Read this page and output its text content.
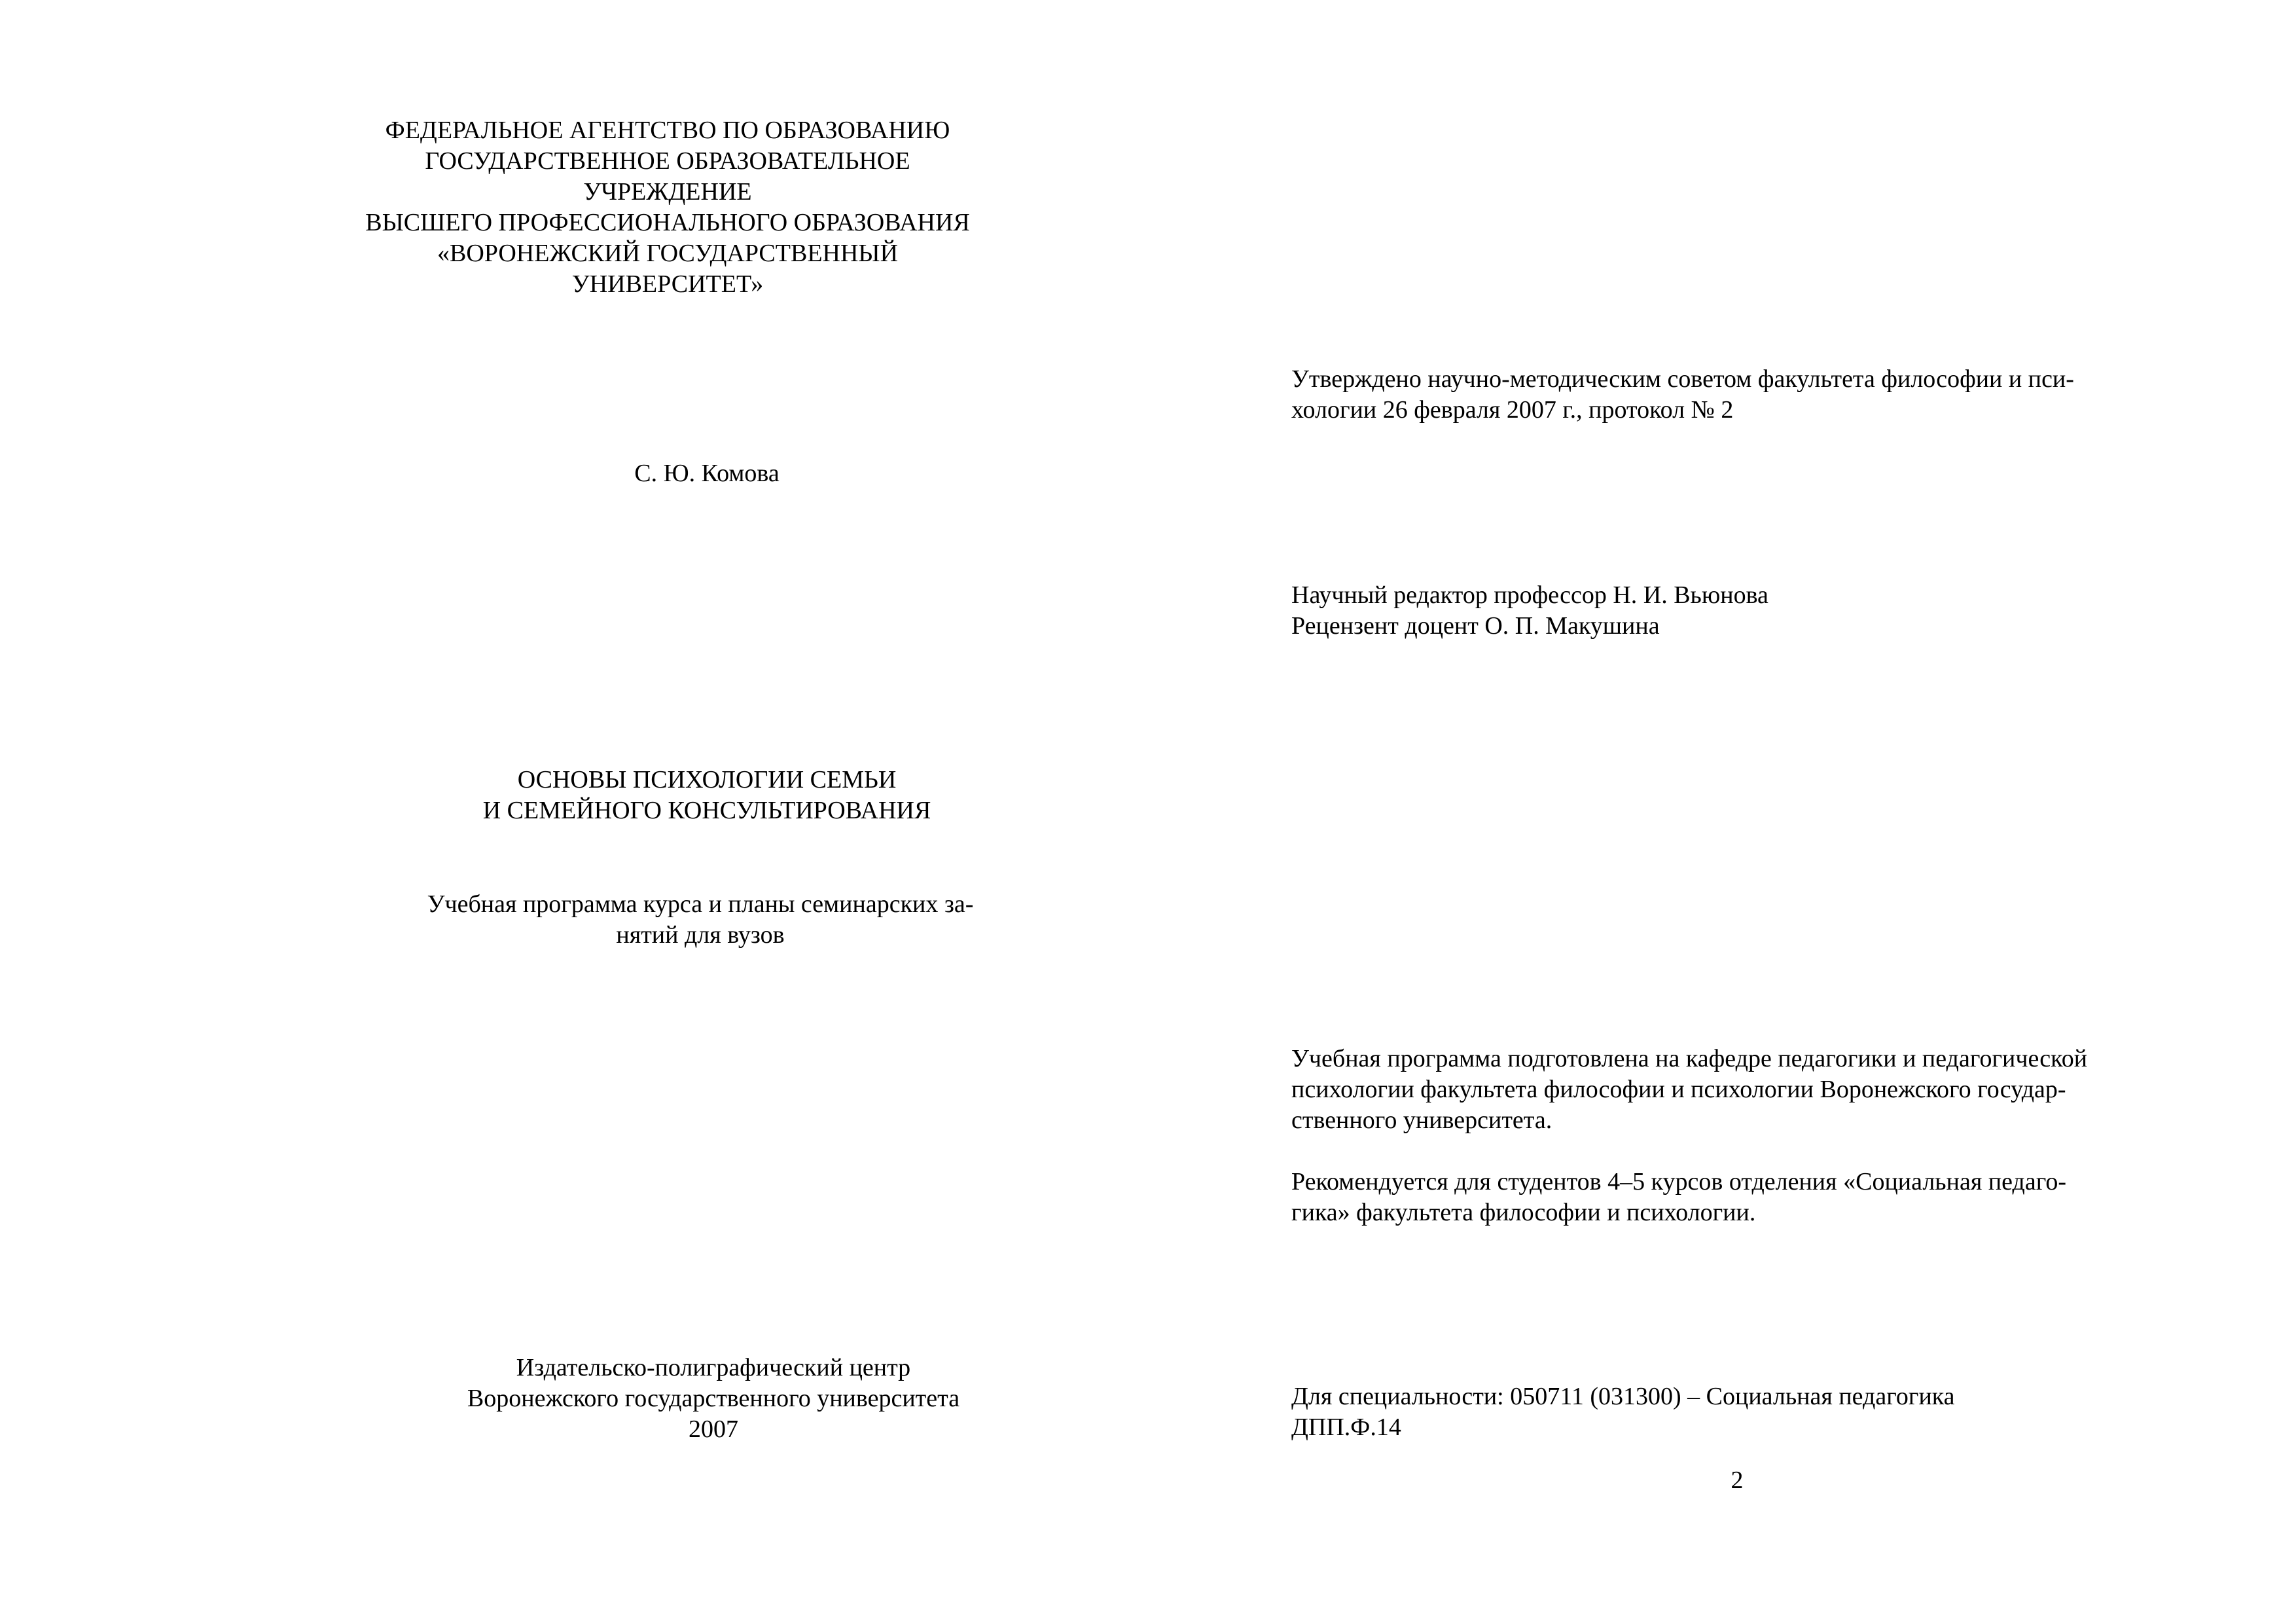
ФЕДЕРАЛЬНОЕ АГЕНТСТВО ПО ОБРАЗОВАНИЮ
ГОСУДАРСТВЕННОЕ ОБРАЗОВАТЕЛЬНОЕ
УЧРЕЖДЕНИЕ
ВЫСШЕГО ПРОФЕССИОНАЛЬНОГО ОБРАЗОВАНИЯ
«ВОРОНЕЖСКИЙ ГОСУДАРСТВЕННЫЙ
УНИВЕРСИТЕТ»
С. Ю. Комова
ОСНОВЫ ПСИХОЛОГИИ СЕМЬИ
И СЕМЕЙНОГО КОНСУЛЬТИРОВАНИЯ
Учебная программа курса и планы семинарских за-
нятий для вузов
Издательско-полиграфический центр
Воронежского государственного университета
2007
Утверждено научно-методическим советом факультета философии и пси-
хологии 26 февраля 2007 г., протокол № 2
Научный редактор профессор Н. И. Вьюнова
Рецензент доцент О. П. Макушина
Учебная программа подготовлена на кафедре педагогики и педагогической
психологии факультета философии и психологии Воронежского государ-
ственного университета.
Рекомендуется для студентов 4–5 курсов отделения «Социальная педаго-
гика» факультета философии и психологии.
Для специальности: 050711 (031300) – Социальная педагогика
ДПП.Ф.14
2
